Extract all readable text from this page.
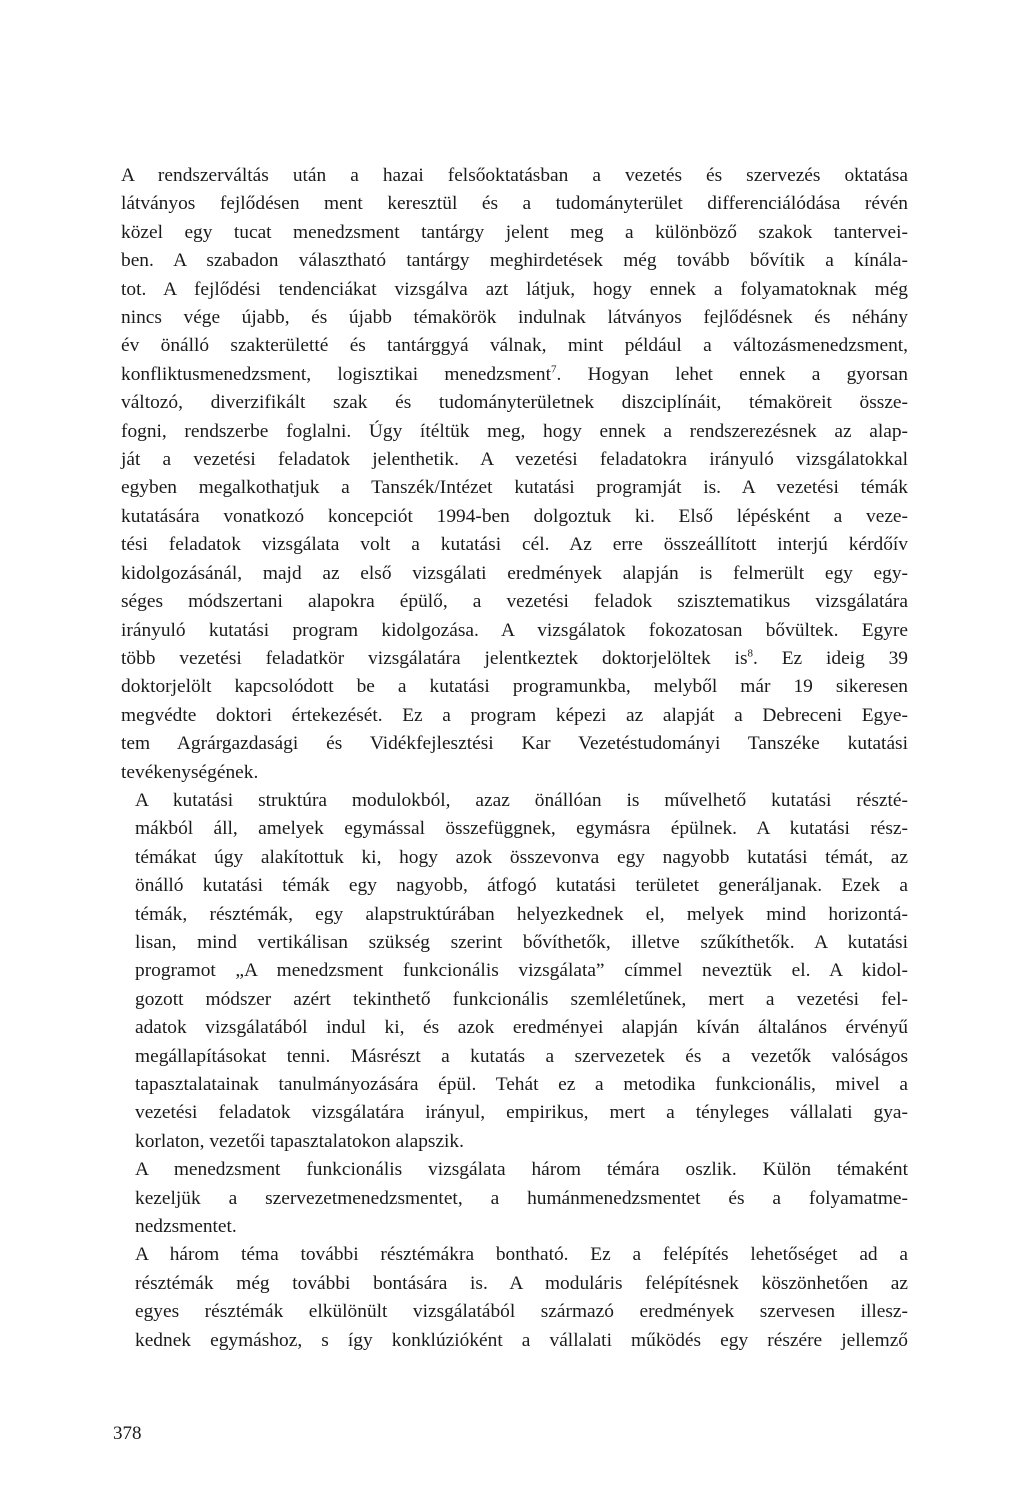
A rendszerváltás után a hazai felsőoktatásban a vezetés és szervezés oktatása
látványos fejlődésen ment keresztül és a tudományterület differenciálódása révén
közel egy tucat menedzsment tantárgy jelent meg a különböző szakok tantervei-
ben. A szabadon választható tantárgy meghirdetések még tovább bővítik a kínála-
tot. A fejlődési tendenciákat vizsgálva azt látjuk, hogy ennek a folyamatoknak még
nincs vége újabb, és újabb témakörök indulnak látványos fejlődésnek és néhány
év önálló szakterületté és tantárggyá válnak, mint például a változásmenedzsment,
konfliktusmenedzsment, logisztikai menedzsment$^7$. Hogyan lehet ennek a gyorsan
változó, diverzifikált szak és tudományterületnek diszciplínáit, témaköreit össze-
fogni, rendszerbe foglalni. Úgy ítéltük meg, hogy ennek a rendszerezésnek az alap-
ját a vezetési feladatok jelenthetik. A vezetési feladatokra irányuló vizsgálatokkal
egyben megalkothatjuk a Tanszék/Intézet kutatási programját is. A vezetési témák
kutatására vonatkozó koncepciót 1994-ben dolgoztuk ki. Első lépésként a veze-
tési feladatok vizsgálata volt a kutatási cél. Az erre összeállított interjú kérdőív
kidolgozásánál, majd az első vizsgálati eredmények alapján is felmerült egy egy-
séges módszertani alapokra épülő, a vezetési feladok szisztematikus vizsgálatára
irányuló kutatási program kidolgozása. A vizsgálatok fokozatosan bővültek. Egyre
több vezetési feladatkör vizsgálatára jelentkeztek doktorjelöltek $is^8$. Ez ideig 39
doktorjelölt kapcsolódott be a kutatási programunkba, melyből már 19 sikeresen
megvédte doktori értekezését. Ez a program képezi az alapját a Debreceni Egye-
tem Agrárgazdasági és Vidékfejlesztési Kar Vezetéstudományi Tanszéke kutatási
tevékenységének.

A kutatási struktúra modulokból, azaz önállóan is művelhető kutatási részté-
mákból áll, amelyek egymással összefüggnek, egymásra épülnek. A kutatási rész-
témákat úgy alakítottuk ki, hogy azok összevonva egy nagyobb kutatási témát, az
önálló kutatási témák egy nagyobb, átfogó kutatási területet generáljanak. Ezek a
témák, résztémák, egy alapstruktúrában helyezkednek el, melyek mind horizontá-
lisan, mind vertikálisan szükség szerint bővíthetők, illetve szűkíthetők. A kutatási
programot „A menedzsment funkcionális vizsgálata” címmel neveztük el. A kidol-
gozott módszer azért tekinthető funkcionális szemléletűnek, mert a vezetési fel-
adatok vizsgálatából indul ki, és azok eredményei alapján kíván általános érvényű
megállapításokat tenni. Másrészt a kutatás a szervezetek és a vezetők valóságos
tapasztalatainak tanulmányozására épül. Tehát ez a metodika funkcionális, mivel a
vezetési feladatok vizsgálatára irányul, empirikus, mert a tényleges vállalati gya-
korlaton, vezetői tapasztalatokon alapszik.

A menedzsment funkcionális vizsgálata három témára oszlik. Külön témaként
kezeljük a szervezetmenedzsmentet, a humánmenedzsmentet és a folyamatme-
nedzsmentet.

A három téma további résztémákra bontható. Ez a felépítés lehetőséget ad a
résztémák még további bontására is. A moduláris felépítésnek köszönhetően az
egyes résztémák elkülönült vizsgálatából származó eredmények szervesen illesz-
kednek egymáshoz, s így konklúzióként a vállalati működés egy részére jellemző

378
